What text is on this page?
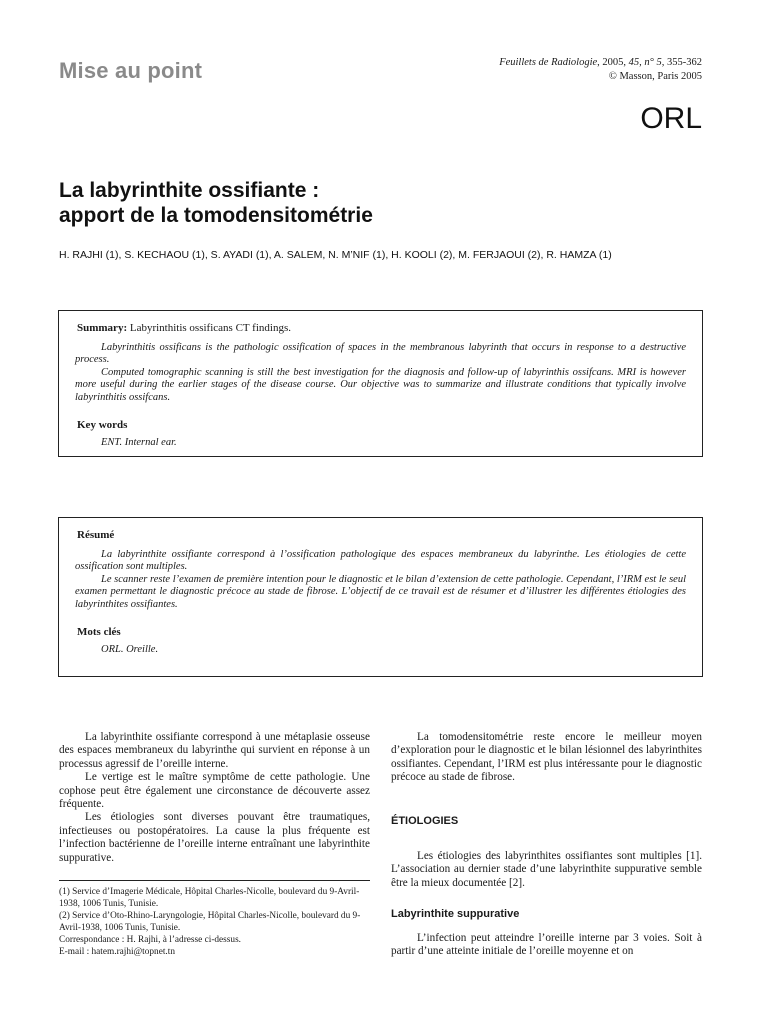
Mise au point	Feuillets de Radiologie, 2005, 45, n° 5, 355-362
© Masson, Paris 2005
ORL
La labyrinthite ossifiante :
apport de la tomodensitométrie
H. RAJHI (1), S. KECHAOU (1), S. AYADI (1), A. SALEM, N. M’NIF (1), H. KOOLI (2), M. FERJAOUI (2), R. HAMZA (1)
Summary: Labyrinthitis ossificans CT findings.

Labyrinthitis ossificans is the pathologic ossification of spaces in the membranous labyrinth that occurs in response to a destructive process.

Computed tomographic scanning is still the best investigation for the diagnosis and follow-up of labyrinthis ossifcans. MRI is however more useful during the earlier stages of the disease course. Our objective was to summarize and illustrate conditions that typically involve labyrinthitis ossifcans.

Key words
ENT. Internal ear.
Résumé

La labyrinthite ossifiante correspond à l’ossification pathologique des espaces membraneux du labyrinthe. Les étiologies de cette ossification sont multiples.

Le scanner reste l’examen de première intention pour le diagnostic et le bilan d’extension de cette pathologie. Cependant, l’IRM est le seul examen permettant le diagnostic précoce au stade de fibrose. L’objectif de ce travail est de résumer et d’illustrer les différentes étiologies des labyrinthites ossifiantes.

Mots clés
ORL. Oreille.

La labyrinthite ossifiante correspond à une métaplasie osseuse des espaces membraneux du labyrinthe qui survient en réponse à un processus agressif de l’oreille interne.

Le vertige est le maître symptôme de cette pathologie. Une cophose peut être également une circonstance de découverte assez fréquente.

Les étiologies sont diverses pouvant être traumatiques, infectieuses ou postopératoires. La cause la plus fréquente est l’infection bactérienne de l’oreille interne entraînant une labyrinthite suppurative.

La tomodensitométrie reste encore le meilleur moyen d’exploration pour le diagnostic et le bilan lésionnel des labyrinthites ossifiantes. Cependant, l’IRM est plus intéressante pour le diagnostic précoce au stade de fibrose.

ÉTIOLOGIES

Les étiologies des labyrinthites ossifiantes sont multiples [1]. L’association au dernier stade d’une labyrinthite suppurative semble être la mieux documentée [2].

Labyrinthite suppurative

L’infection peut atteindre l’oreille interne par 3 voies. Soit à partir d’une atteinte initiale de l’oreille moyenne et on

(1) Service d’Imagerie Médicale, Hôpital Charles-Nicolle, boulevard du 9-Avril-1938, 1006 Tunis, Tunisie.
(2) Service d’Oto-Rhino-Laryngologie, Hôpital Charles-Nicolle, boulevard du 9-Avril-1938, 1006 Tunis, Tunisie.
Correspondance : H. Rajhi, à l’adresse ci-dessus.
E-mail : hatem.rajhi@topnet.tn
